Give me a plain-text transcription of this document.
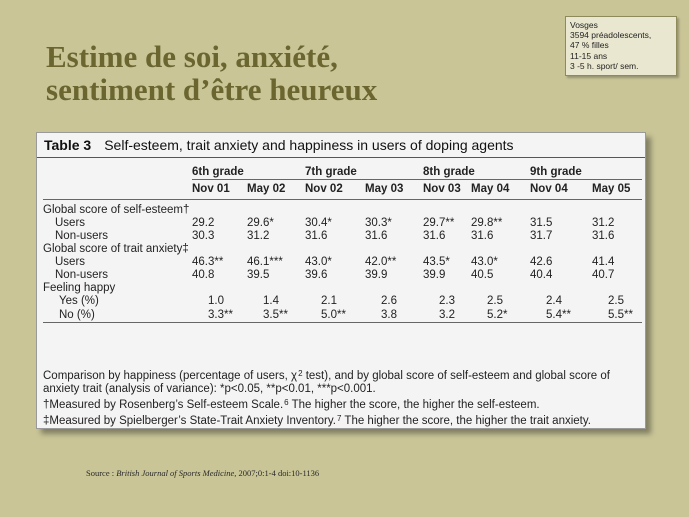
Estime de soi, anxiété,
sentiment d’être heureux
Vosges
3594 préadolescents,
47 % filles
11-15 ans
3 -5 h. sport/ sem.
Table 3 Self-esteem, trait anxiety and happiness in users of doping agents
	6th grade		7th grade		8th grade		9th grade	
	Nov 01	May 02	Nov 02	May 03	Nov 03	May 04	Nov 04	May 05

Global score of self-esteem†								
Users	29.2	29.6*	30.4*	30.3*	29.7**	29.8**	31.5	31.2
Non-users	30.3	31.2	31.6	31.6	31.6	31.6	31.7	31.6
Global score of trait anxiety‡								
Users	46.3**	46.1***	43.0*	42.0**	43.5*	43.0*	42.6	41.4
Non-users	40.8	39.5	39.6	39.9	39.9	40.5	40.4	40.7
Feeling happy								
Yes (%)	1.0	1.4	2.1	2.6	2.3	2.5	2.4	2.5
No (%)	3.3**	3.5**	5.0**	3.8	3.2	5.2*	5.4**	5.5**
Comparison by happiness (percentage of users, $\chi^2$ test), and by global score of self-esteem and global score of anxiety trait (analysis of variance): *p<0.05, **p<0.01, ***p<0.001.
†Measured by Rosenberg’s Self-esteem Scale.$^6$ The higher the score, the higher the self-esteem.
‡Measured by Spielberger’s State-Trait Anxiety Inventory.$^7$ The higher the score, the higher the trait anxiety.
Source : British Journal of Sports Medicine, 2007;0:1-4 doi:10-1136
